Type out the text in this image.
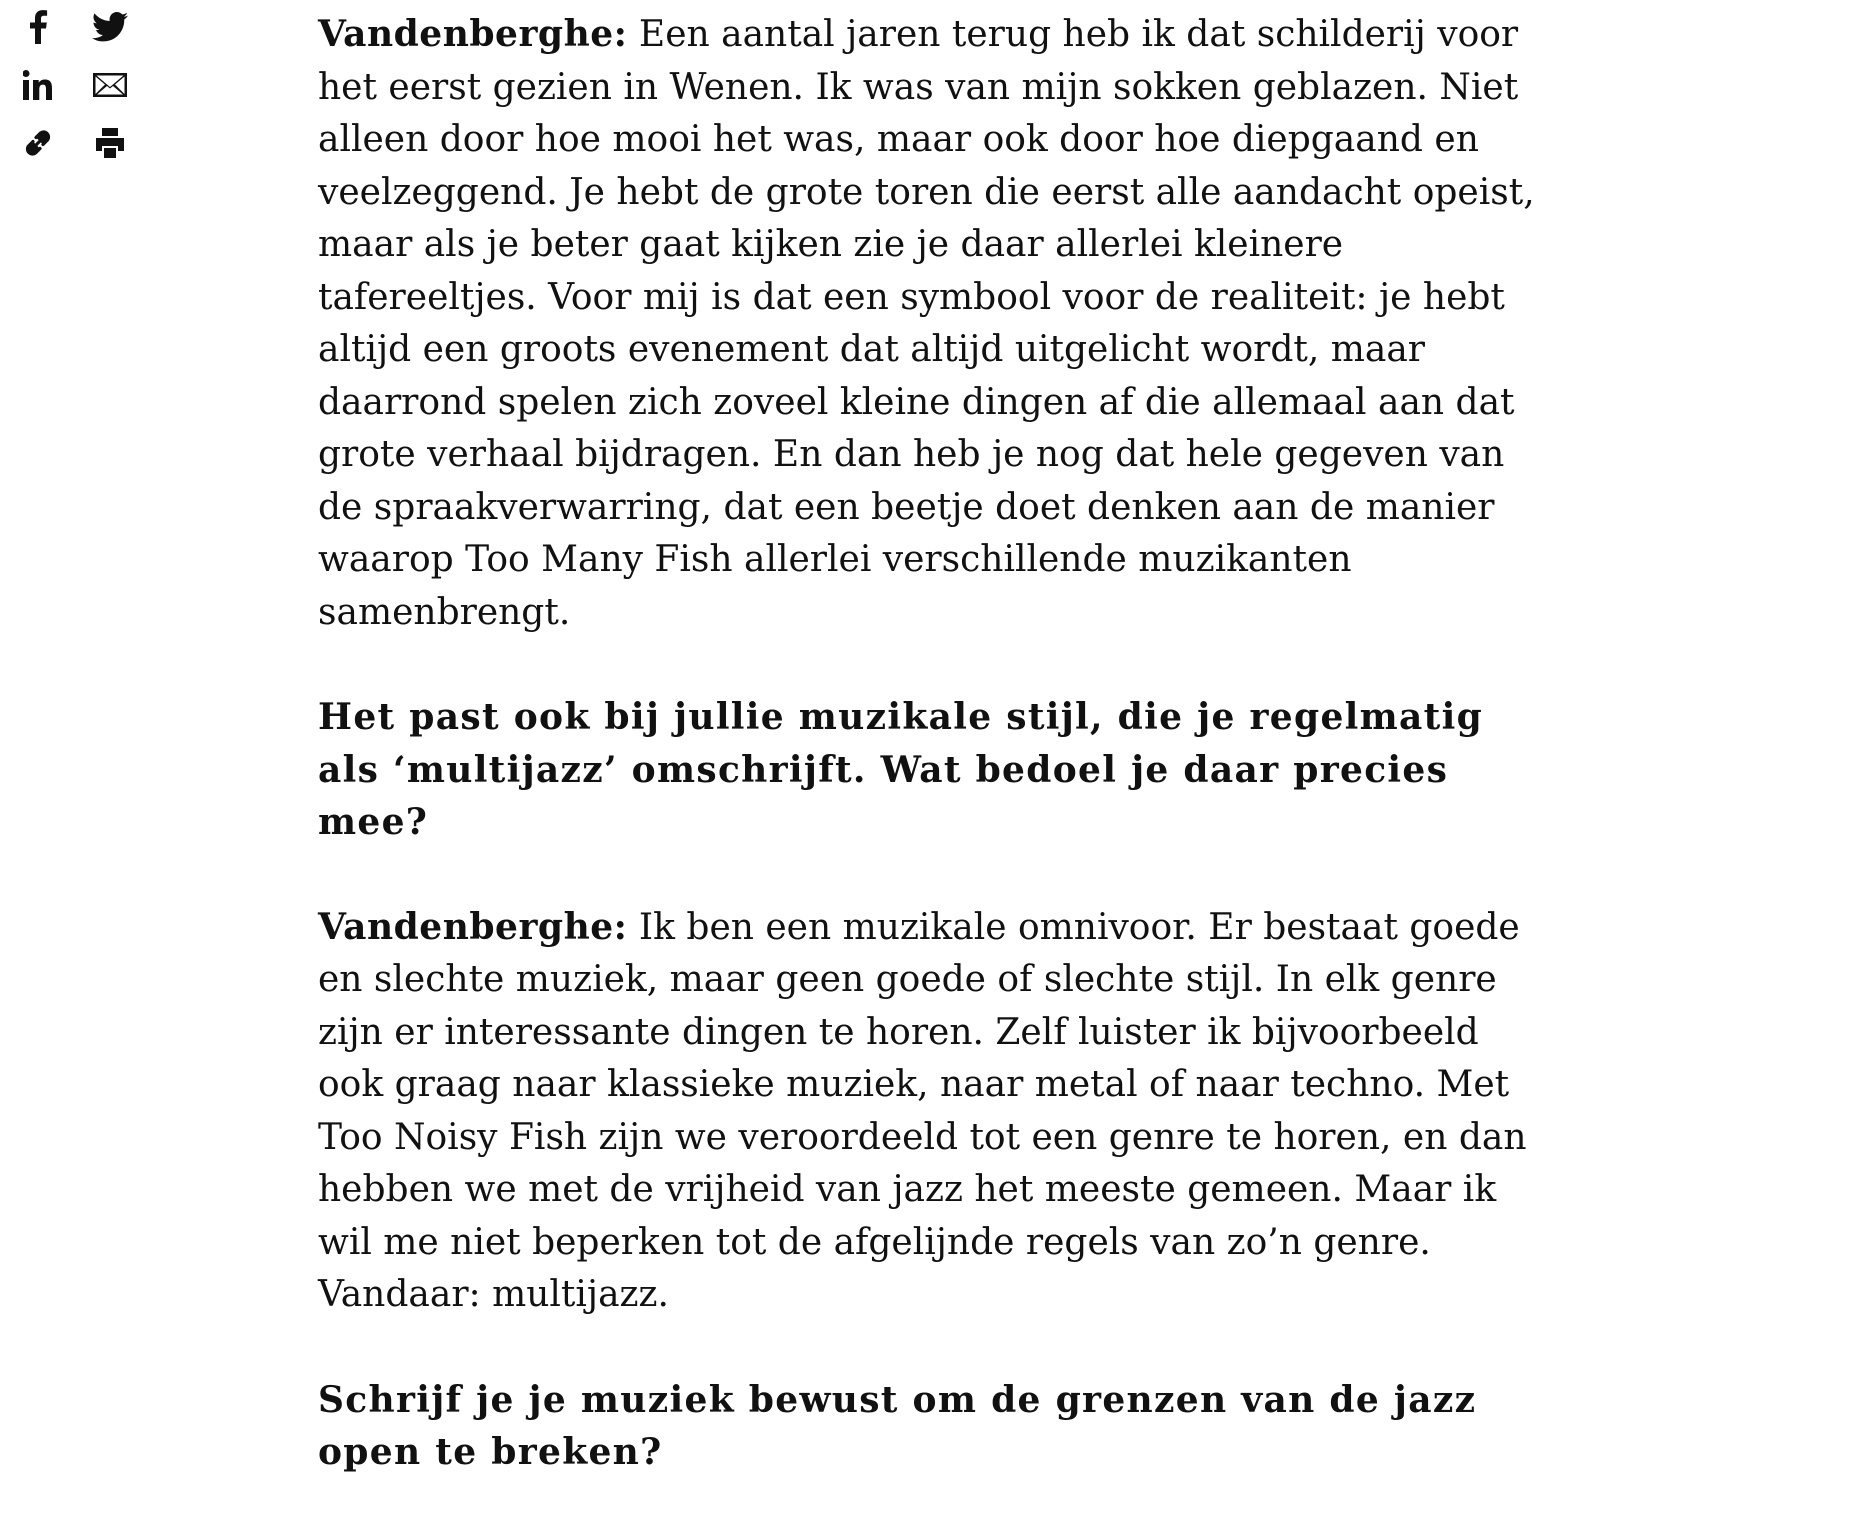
Vandenberghe: Een aantal jaren terug heb ik dat schilderij voor het eerst gezien in Wenen. Ik was van mijn sokken geblazen. Niet alleen door hoe mooi het was, maar ook door hoe diepgaand en veelzeggend. Je hebt de grote toren die eerst alle aandacht opeist, maar als je beter gaat kijken zie je daar allerlei kleinere tafereeltjes. Voor mij is dat een symbool voor de realiteit: je hebt altijd een groots evenement dat altijd uitgelicht wordt, maar daarrond spelen zich zoveel kleine dingen af die allemaal aan dat grote verhaal bijdragen. En dan heb je nog dat hele gegeven van de spraakverwarring, dat een beetje doet denken aan de manier waarop Too Many Fish allerlei verschillende muzikanten samenbrengt.

Het past ook bij jullie muzikale stijl, die je regelmatig als ‘multijazz’ omschrijft. Wat bedoel je daar precies mee?

Vandenberghe: Ik ben een muzikale omnivoor. Er bestaat goede en slechte muziek, maar geen goede of slechte stijl. In elk genre zijn er interessante dingen te horen. Zelf luister ik bijvoorbeeld ook graag naar klassieke muziek, naar metal of naar techno. Met Too Noisy Fish zijn we veroordeeld tot een genre te horen, en dan hebben we met de vrijheid van jazz het meeste gemeen. Maar ik wil me niet beperken tot de afgelijnde regels van zo’n genre. Vandaar: multijazz.

Schrijf je je muziek bewust om de grenzen van de jazz open te breken?
